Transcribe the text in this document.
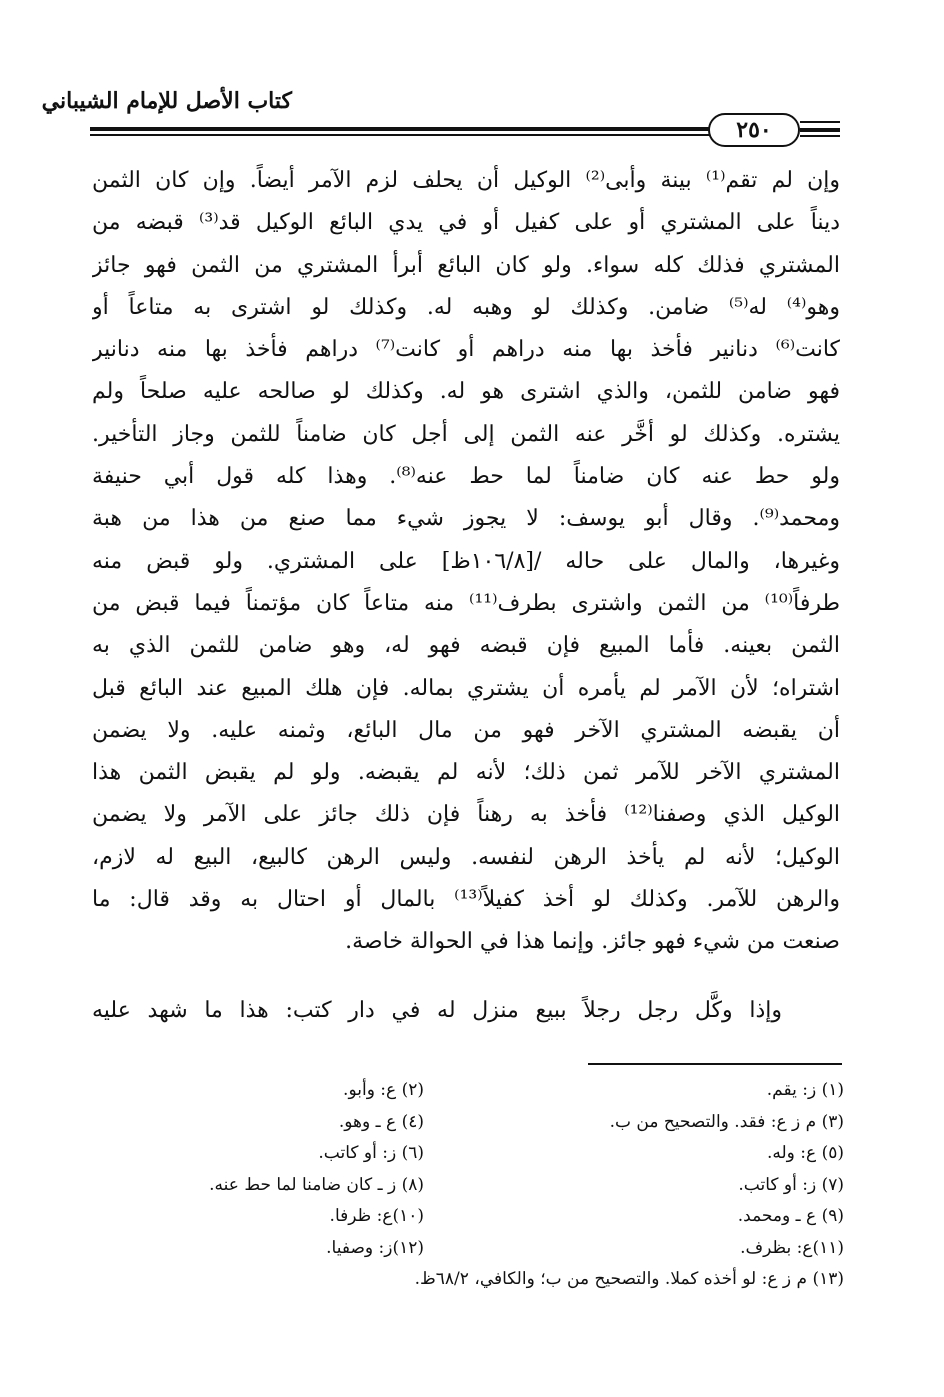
كتاب الأصل للإمام الشيباني
٢٥٠
وإن لم تقم⁽¹⁾ بينة وأبى⁽²⁾ الوكيل أن يحلف لزم الآمر أيضاً. وإن كان الثمن
ديناً على المشتري أو على كفيل أو في يدي البائع الوكيل قد⁽³⁾ قبضه من
المشتري فذلك كله سواء. ولو كان البائع أبرأ المشتري من الثمن فهو جائز
وهو⁽⁴⁾ له⁽⁵⁾ ضامن. وكذلك لو وهبه له. وكذلك لو اشترى به متاعاً أو
كانت⁽⁶⁾ دنانير فأخذ بها منه دراهم أو كانت⁽⁷⁾ دراهم فأخذ بها منه دنانير
فهو ضامن للثمن، والذي اشترى هو له. وكذلك لو صالحه عليه صلحاً ولم
يشتره. وكذلك لو أخَّر عنه الثمن إلى أجل كان ضامناً للثمن وجاز التأخير.
ولو حط عنه كان ضامناً لما حط عنه⁽⁸⁾. وهذا كله قول أبي حنيفة
ومحمد⁽⁹⁾. وقال أبو يوسف: لا يجوز شيء مما صنع من هذا من هبة
وغيرها، والمال على حاله /[١٠٦/٨ظ] على المشتري. ولو قبض منه
طرفاً⁽¹⁰⁾ من الثمن واشترى بطرف⁽¹¹⁾ منه متاعاً كان مؤتمناً فيما قبض من
الثمن بعينه. فأما المبيع فإن قبضه فهو له، وهو ضامن للثمن الذي به
اشتراه؛ لأن الآمر لم يأمره أن يشتري بماله. فإن هلك المبيع عند البائع قبل
أن يقبضه المشتري الآخر فهو من مال البائع، وثمنه عليه. ولا يضمن
المشتري الآخر للآمر ثمن ذلك؛ لأنه لم يقبضه. ولو لم يقبض الثمن هذا
الوكيل الذي وصفنا⁽¹²⁾ فأخذ به رهناً فإن ذلك جائز على الآمر ولا يضمن
الوكيل؛ لأنه لم يأخذ الرهن لنفسه. وليس الرهن كالبيع، البيع له لازم،
والرهن للآمر. وكذلك لو أخذ كفيلاً⁽¹³⁾ بالمال أو احتال به وقد قال: ما
صنعت من شيء فهو جائز. وإنما هذا في الحوالة خاصة.
وإذا وكَّل رجل رجلاً ببيع منزل له في دار كتب: هذا ما شهد عليه
(١) ز: يقم.
(٢) ع: وأبو.
(٣) م ز ع: فقد. والتصحيح من ب.
(٤) ع ـ وهو.
(٥) ع: وله.
(٦) ز: أو كاتب.
(٧) ز: أو كاتب.
(٨) ز ـ كان ضامنا لما حط عنه.
(٩) ع ـ ومحمد.
(١٠)ع: ظرفا.
(١١)ع: بظرف.
(١٢)ز: وصفيا.
(١٣) م ز ع: لو أخذه كملا. والتصحيح من ب؛ والكافي، ٦٨/٢ظ.
